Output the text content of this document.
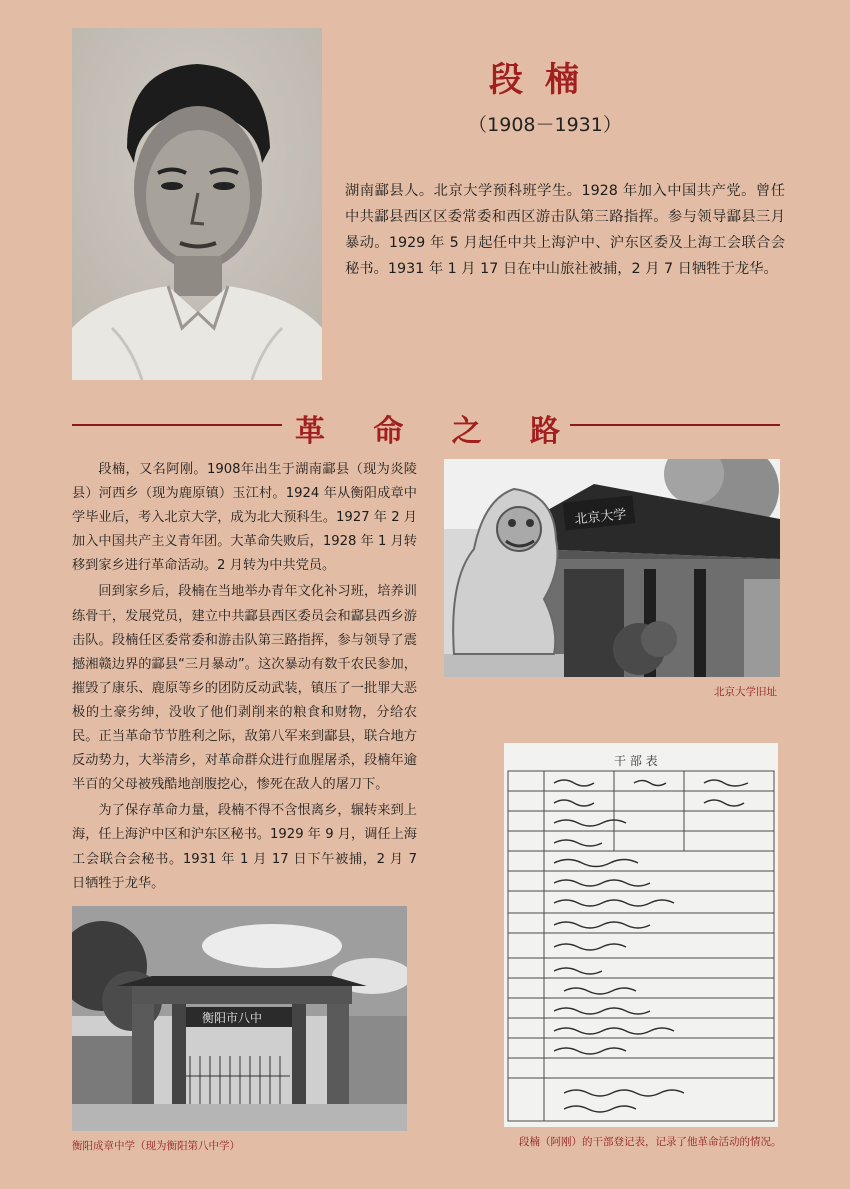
段楠
（1908－1931）
湖南酃县人。北京大学预科班学生。1928 年加入中国共产党。曾任中共酃县西区区委常委和西区游击队第三路指挥。参与领导酃县三月暴动。1929 年 5 月起任中共上海沪中、沪东区委及上海工会联合会秘书。1931 年 1 月 17 日在中山旅社被捕，2 月 7 日牺牲于龙华。
革 命 之 路

段楠，又名阿刚。1908年出生于湖南酃县（现为炎陵县）河西乡（现为鹿原镇）玉江村。1924 年从衡阳成章中学毕业后，考入北京大学，成为北大预科生。1927 年 2 月加入中国共产主义青年团。大革命失败后，1928 年 1 月转移到家乡进行革命活动。2 月转为中共党员。

回到家乡后，段楠在当地举办青年文化补习班，培养训练骨干，发展党员，建立中共酃县西区委员会和酃县西乡游击队。段楠任区委常委和游击队第三路指挥，参与领导了震撼湘赣边界的酃县“三月暴动”。这次暴动有数千农民参加，摧毁了康乐、鹿原等乡的团防反动武装，镇压了一批罪大恶极的土豪劣绅，没收了他们剥削来的粮食和财物，分给农民。正当革命节节胜利之际，敌第八军来到酃县，联合地方反动势力，大举清乡，对革命群众进行血腥屠杀，段楠年逾半百的父母被残酷地剖腹挖心，惨死在敌人的屠刀下。

为了保存革命力量，段楠不得不含恨离乡，辗转来到上海，任上海沪中区和沪东区秘书。1929 年 9 月，调任上海工会联合会秘书。1931 年 1 月 17 日下午被捕，2 月 7 日牺牲于龙华。

北京大学
北京大学旧址
干 部 表
段楠（阿刚）的干部登记表，记录了他革命活动的情况。
衡阳市八中
衡阳成章中学（现为衡阳第八中学）
